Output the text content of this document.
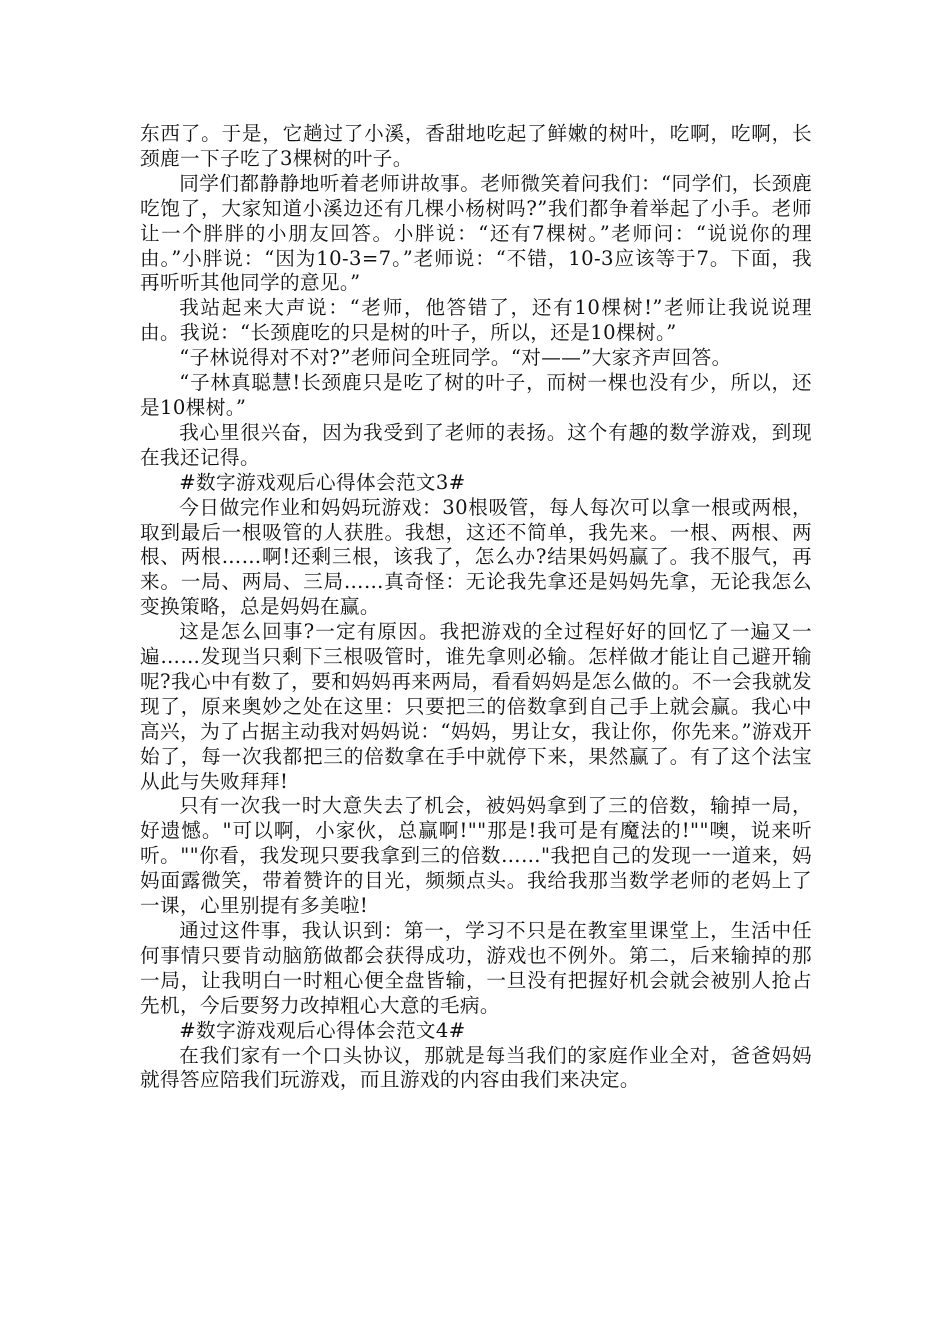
东西了。于是，它趟过了小溪，香甜地吃起了鲜嫩的树叶，吃啊，吃啊，长颈鹿一下子吃了3棵树的叶子。

同学们都静静地听着老师讲故事。老师微笑着问我们：“同学们，长颈鹿吃饱了，大家知道小溪边还有几棵小杨树吗?”我们都争着举起了小手。老师让一个胖胖的小朋友回答。小胖说：“还有7棵树。”老师问：“说说你的理由。”小胖说：“因为10-3=7。”老师说：“不错，10-3应该等于7。下面，我再听听其他同学的意见。”

我站起来大声说：“老师，他答错了，还有10棵树!”老师让我说说理由。我说：“长颈鹿吃的只是树的叶子，所以，还是10棵树。”

“子林说得对不对?”老师问全班同学。“对——”大家齐声回答。

“子林真聪慧!长颈鹿只是吃了树的叶子，而树一棵也没有少，所以，还是10棵树。”

我心里很兴奋，因为我受到了老师的表扬。这个有趣的数学游戏，到现在我还记得。

#数字游戏观后心得体会范文3#

今日做完作业和妈妈玩游戏：30根吸管，每人每次可以拿一根或两根，取到最后一根吸管的人获胜。我想，这还不简单，我先来。一根、两根、两根、两根……啊!还剩三根，该我了，怎么办?结果妈妈赢了。我不服气，再来。一局、两局、三局……真奇怪：无论我先拿还是妈妈先拿，无论我怎么变换策略，总是妈妈在赢。

这是怎么回事?一定有原因。我把游戏的全过程好好的回忆了一遍又一遍……发现当只剩下三根吸管时，谁先拿则必输。怎样做才能让自己避开输呢?我心中有数了，要和妈妈再来两局，看看妈妈是怎么做的。不一会我就发现了，原来奥妙之处在这里：只要把三的倍数拿到自己手上就会赢。我心中高兴，为了占据主动我对妈妈说：“妈妈，男让女，我让你，你先来。”游戏开始了，每一次我都把三的倍数拿在手中就停下来，果然赢了。有了这个法宝从此与失败拜拜!

只有一次我一时大意失去了机会，被妈妈拿到了三的倍数，输掉一局，好遗憾。"可以啊，小家伙，总赢啊!""那是!我可是有魔法的!""噢，说来听听。""你看，我发现只要我拿到三的倍数……"我把自己的发现一一道来，妈妈面露微笑，带着赞许的目光，频频点头。我给我那当数学老师的老妈上了一课，心里别提有多美啦!

通过这件事，我认识到：第一，学习不只是在教室里课堂上，生活中任何事情只要肯动脑筋做都会获得成功，游戏也不例外。第二，后来输掉的那一局，让我明白一时粗心便全盘皆输，一旦没有把握好机会就会被别人抢占先机，今后要努力改掉粗心大意的毛病。

#数字游戏观后心得体会范文4#

在我们家有一个口头协议，那就是每当我们的家庭作业全对，爸爸妈妈就得答应陪我们玩游戏，而且游戏的内容由我们来决定。
